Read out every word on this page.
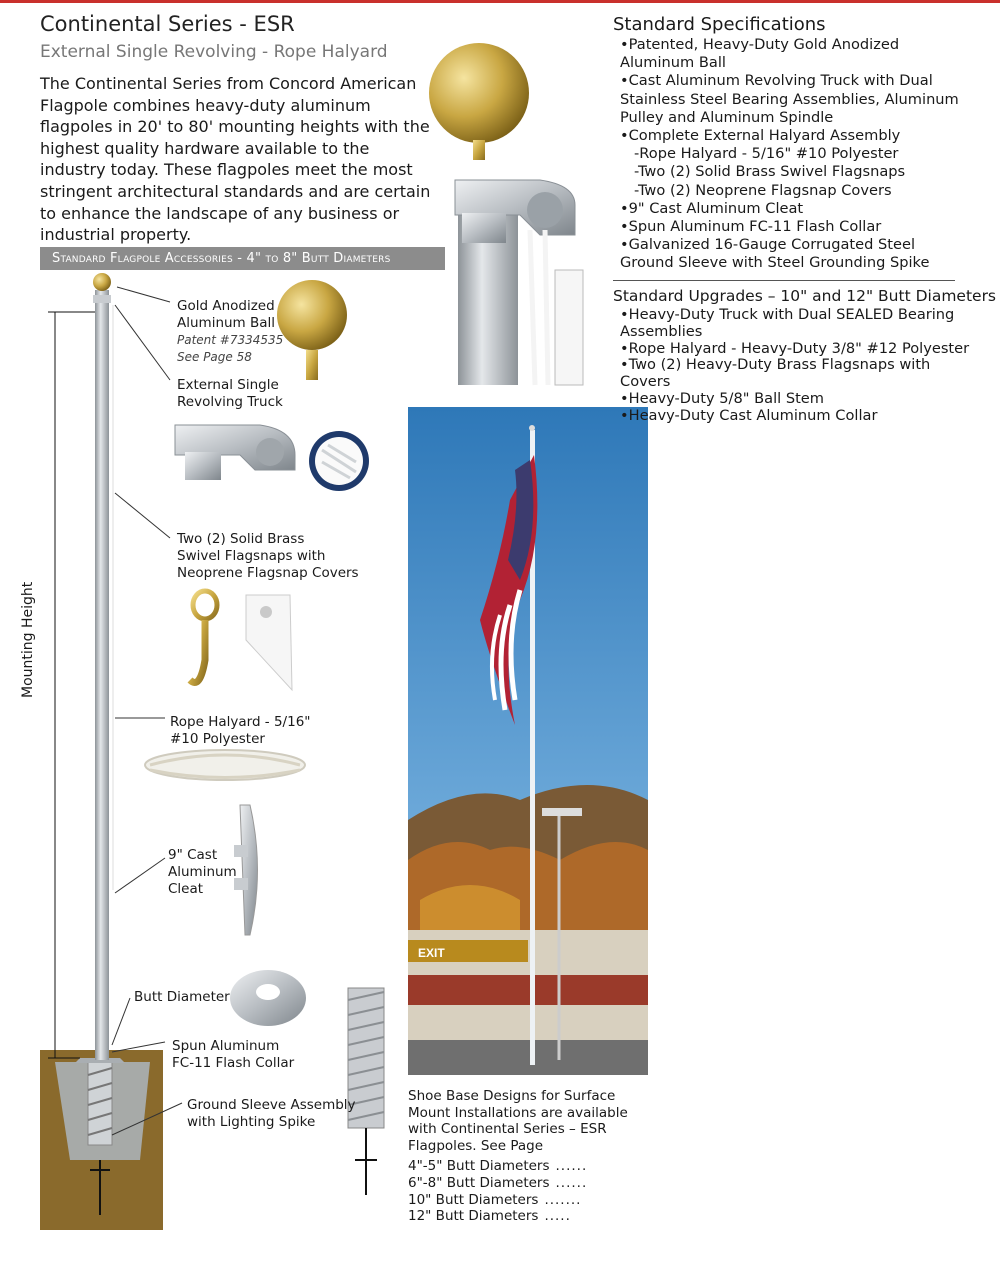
EXIT
Continental Series - ESR
External Single Revolving - Rope Halyard
The Continental Series from Concord American Flagpole combines heavy-duty aluminum flagpoles in 20' to 80' mounting heights with the highest quality hardware available to the industry today. These flagpoles meet the most stringent architectural standards and are certain to enhance the landscape of any business or industrial property.
Standard Flagpole Accessories - 4" to 8" Butt Diameters
Standard Specifications
•Patented, Heavy-Duty Gold Anodized Aluminum Ball
•Cast Aluminum Revolving Truck with Dual Stainless Steel Bearing Assemblies, Aluminum Pulley and Aluminum Spindle
•Complete External Halyard Assembly
-Rope Halyard - 5/16" #10 Polyester
-Two (2) Solid Brass Swivel Flagsnaps
-Two (2) Neoprene Flagsnap Covers
•9" Cast Aluminum Cleat
•Spun Aluminum FC-11 Flash Collar
•Galvanized 16-Gauge Corrugated Steel Ground Sleeve with Steel Grounding Spike
Standard Upgrades – 10" and 12" Butt Diameters
•Heavy-Duty Truck with Dual SEALED Bearing Assemblies
•Rope Halyard - Heavy-Duty 3/8" #12 Polyester
•Two (2) Heavy-Duty Brass Flagsnaps with Covers
•Heavy-Duty 5/8" Ball Stem
•Heavy-Duty Cast Aluminum Collar
Gold Anodized
Aluminum Ball
Patent #7334535
See Page 58
External Single
Revolving Truck
Two (2) Solid Brass
Swivel Flagsnaps with
Neoprene Flagsnap Covers
Rope Halyard - 5/16"
#10 Polyester
9" Cast
Aluminum
Cleat
Butt Diameter
Spun Aluminum
FC-11 Flash Collar
Ground Sleeve Assembly
with Lighting Spike
Mounting Height
Shoe Base Designs for Surface Mount Installations are available with Continental Series – ESR Flagpoles. See Page
4"-5" Butt Diameters ......
6"-8" Butt Diameters ......
10" Butt Diameters .......
12" Butt Diameters .....
